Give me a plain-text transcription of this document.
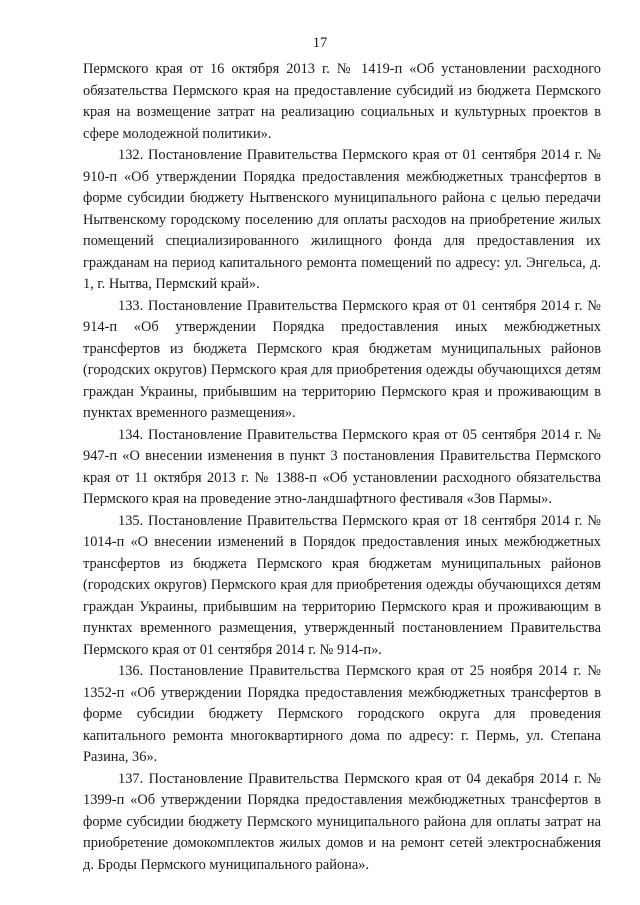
17

Пермского края от 16 октября 2013 г. № 1419-п «Об установлении расходного обязательства Пермского края на предоставление субсидий из бюджета Пермского края на возмещение затрат на реализацию социальных и культурных проектов в сфере молодежной политики».

132. Постановление Правительства Пермского края от 01 сентября 2014 г. № 910-п «Об утверждении Порядка предоставления межбюджетных трансфертов в форме субсидии бюджету Нытвенского муниципального района с целью передачи Нытвенскому городскому поселению для оплаты расходов на приобретение жилых помещений специализированного жилищного фонда для предоставления их гражданам на период капитального ремонта помещений по адресу: ул. Энгельса, д. 1, г. Нытва, Пермский край».

133. Постановление Правительства Пермского края от 01 сентября 2014 г. № 914-п «Об утверждении Порядка предоставления иных межбюджетных трансфертов из бюджета Пермского края бюджетам муниципальных районов (городских округов) Пермского края для приобретения одежды обучающихся детям граждан Украины, прибывшим на территорию Пермского края и проживающим в пунктах временного размещения».

134. Постановление Правительства Пермского края от 05 сентября 2014 г. № 947-п «О внесении изменения в пункт 3 постановления Правительства Пермского края от 11 октября 2013 г. № 1388-п «Об установлении расходного обязательства Пермского края на проведение этно-ландшафтного фестиваля «Зов Пармы».

135. Постановление Правительства Пермского края от 18 сентября 2014 г. № 1014-п «О внесении изменений в Порядок предоставления иных межбюджетных трансфертов из бюджета Пермского края бюджетам муниципальных районов (городских округов) Пермского края для приобретения одежды обучающихся детям граждан Украины, прибывшим на территорию Пермского края и проживающим в пунктах временного размещения, утвержденный постановлением Правительства Пермского края от 01 сентября 2014 г. № 914-п».

136. Постановление Правительства Пермского края от 25 ноября 2014 г. № 1352-п «Об утверждении Порядка предоставления межбюджетных трансфертов в форме субсидии бюджету Пермского городского округа для проведения капитального ремонта многоквартирного дома по адресу: г. Пермь, ул. Степана Разина, 36».

137. Постановление Правительства Пермского края от 04 декабря 2014 г. № 1399-п «Об утверждении Порядка предоставления межбюджетных трансфертов в форме субсидии бюджету Пермского муниципального района для оплаты затрат на приобретение домокомплектов жилых домов и на ремонт сетей электроснабжения д. Броды Пермского муниципального района».
